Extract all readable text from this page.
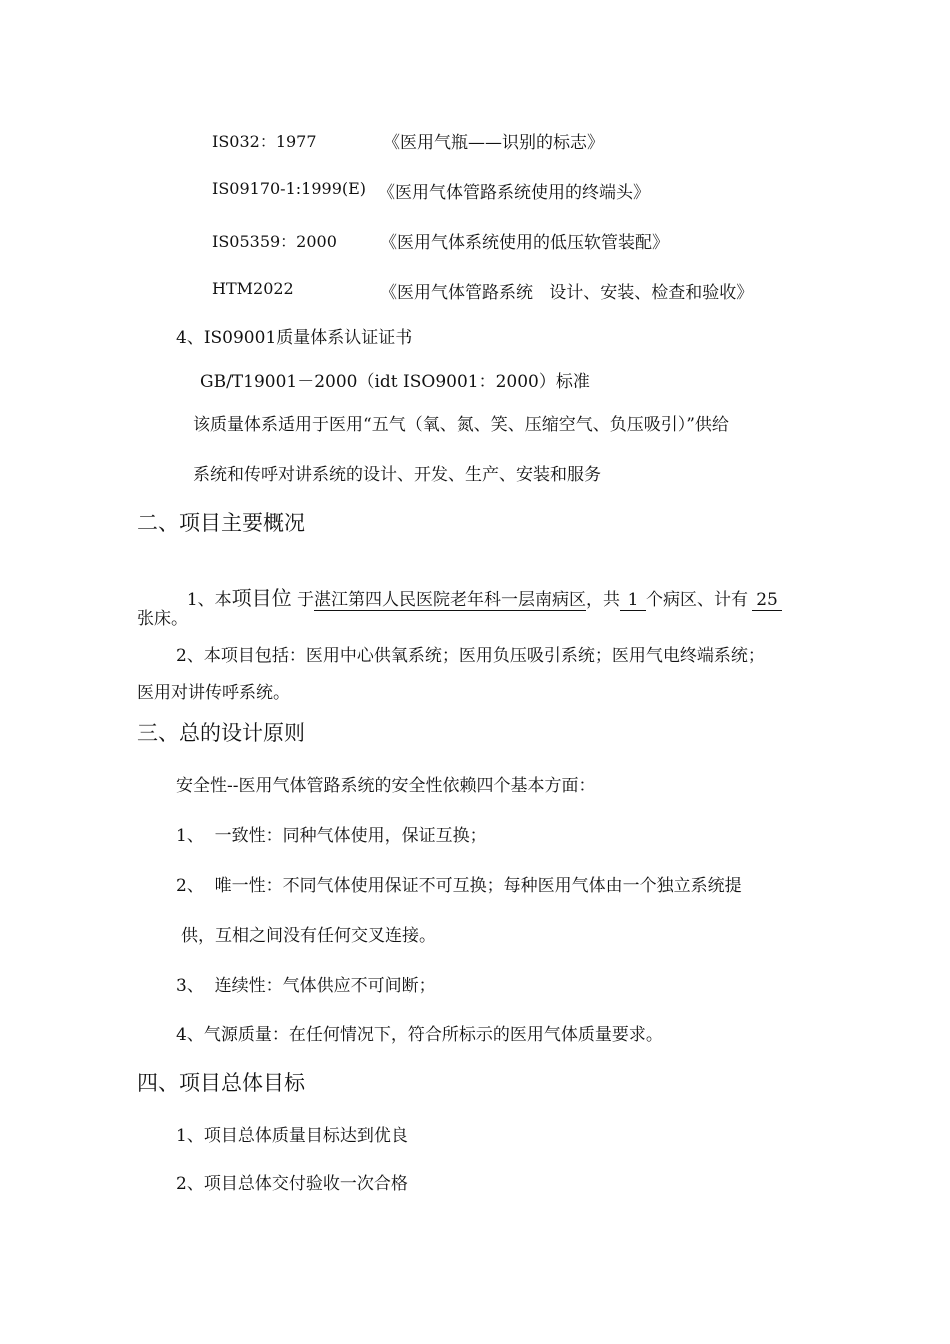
IS032：1977	《医用气瓶——识别的标志》
IS09170-1:1999(E) 《医用气体管路系统使用的终端头》
IS05359：2000	《医用气体系统使用的低压软管装配》
HTM2022	《医用气体管路系统   设计、安装、检查和验收》
4、IS09001质量体系认证证书
GB/T19001－2000（idt ISO9001：2000）标准
该质量体系适用于医用“五气（氧、氮、笑、压缩空气、负压吸引）”供给
系统和传呼对讲系统的设计、开发、生产、安装和服务
二、项目主要概况

1、本项目位 于湛江第四人民医院老年科一层南病区，共 1 个病区、计有 25

张床。
2、本项目包括：医用中心供氧系统；医用负压吸引系统；医用气电终端系统；
医用对讲传呼系统。
三、总的设计原则
安全性--医用气体管路系统的安全性依赖四个基本方面：
1、  一致性：同种气体使用，保证互换；
2、  唯一性：不同气体使用保证不可互换；每种医用气体由一个独立系统提
供，互相之间没有任何交叉连接。
3、  连续性：气体供应不可间断；
4、气源质量：在任何情况下，符合所标示的医用气体质量要求。
四、项目总体目标
1、项目总体质量目标达到优良
2、项目总体交付验收一次合格
